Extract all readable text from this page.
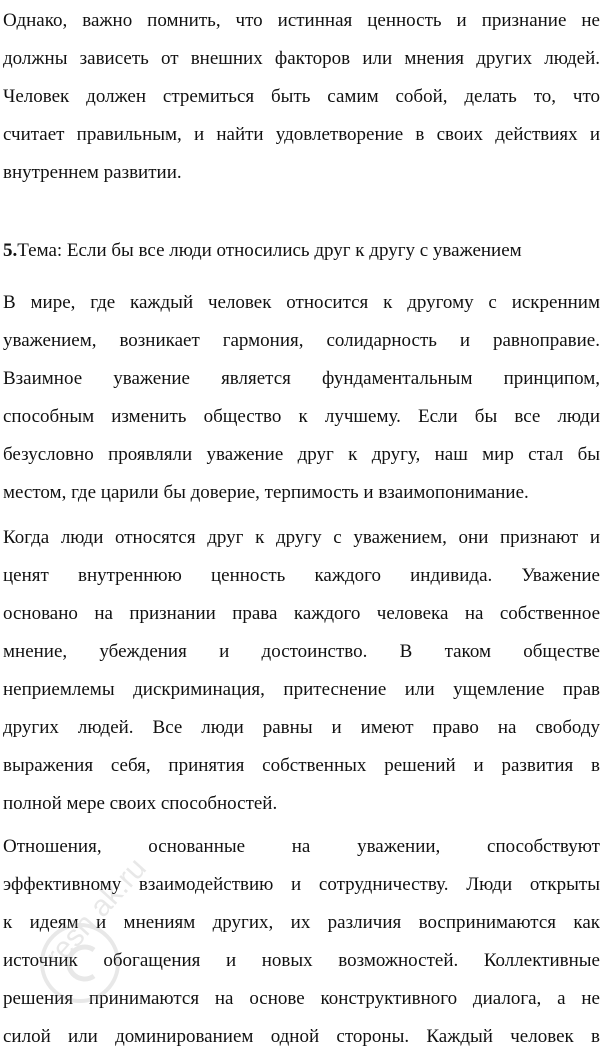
Однако, важно помнить, что истинная ценность и признание не
должны зависеть от внешних факторов или мнения других людей.
Человек должен стремиться быть самим собой, делать то, что
считает правильным, и найти удовлетворение в своих действиях и
внутреннем развитии.
5.Тема: Если бы все люди относились друг к другу с уважением
В мире, где каждый человек относится к другому с искренним
уважением, возникает гармония, солидарность и равноправие.
Взаимное уважение является фундаментальным принципом,
способным изменить общество к лучшему. Если бы все люди
безусловно проявляли уважение друг к другу, наш мир стал бы
местом, где царили бы доверие, терпимость и взаимопонимание.
Когда люди относятся друг к другу с уважением, они признают и
ценят внутреннюю ценность каждого индивида. Уважение
основано на признании права каждого человека на собственное
мнение, убеждения и достоинство. В таком обществе
неприемлемы дискриминация, притеснение или ущемление прав
других людей. Все люди равны и имеют право на свободу
выражения себя, принятия собственных решений и развития в
полной мере своих способностей.
Отношения, основанные на уважении, способствуют
эффективному взаимодействию и сотрудничеству. Люди открыты
к идеям и мнениям других, их различия воспринимаются как
источник обогащения и новых возможностей. Коллективные
решения принимаются на основе конструктивного диалога, а не
силой или доминированием одной стороны. Каждый человек в
resh.ak.ru
